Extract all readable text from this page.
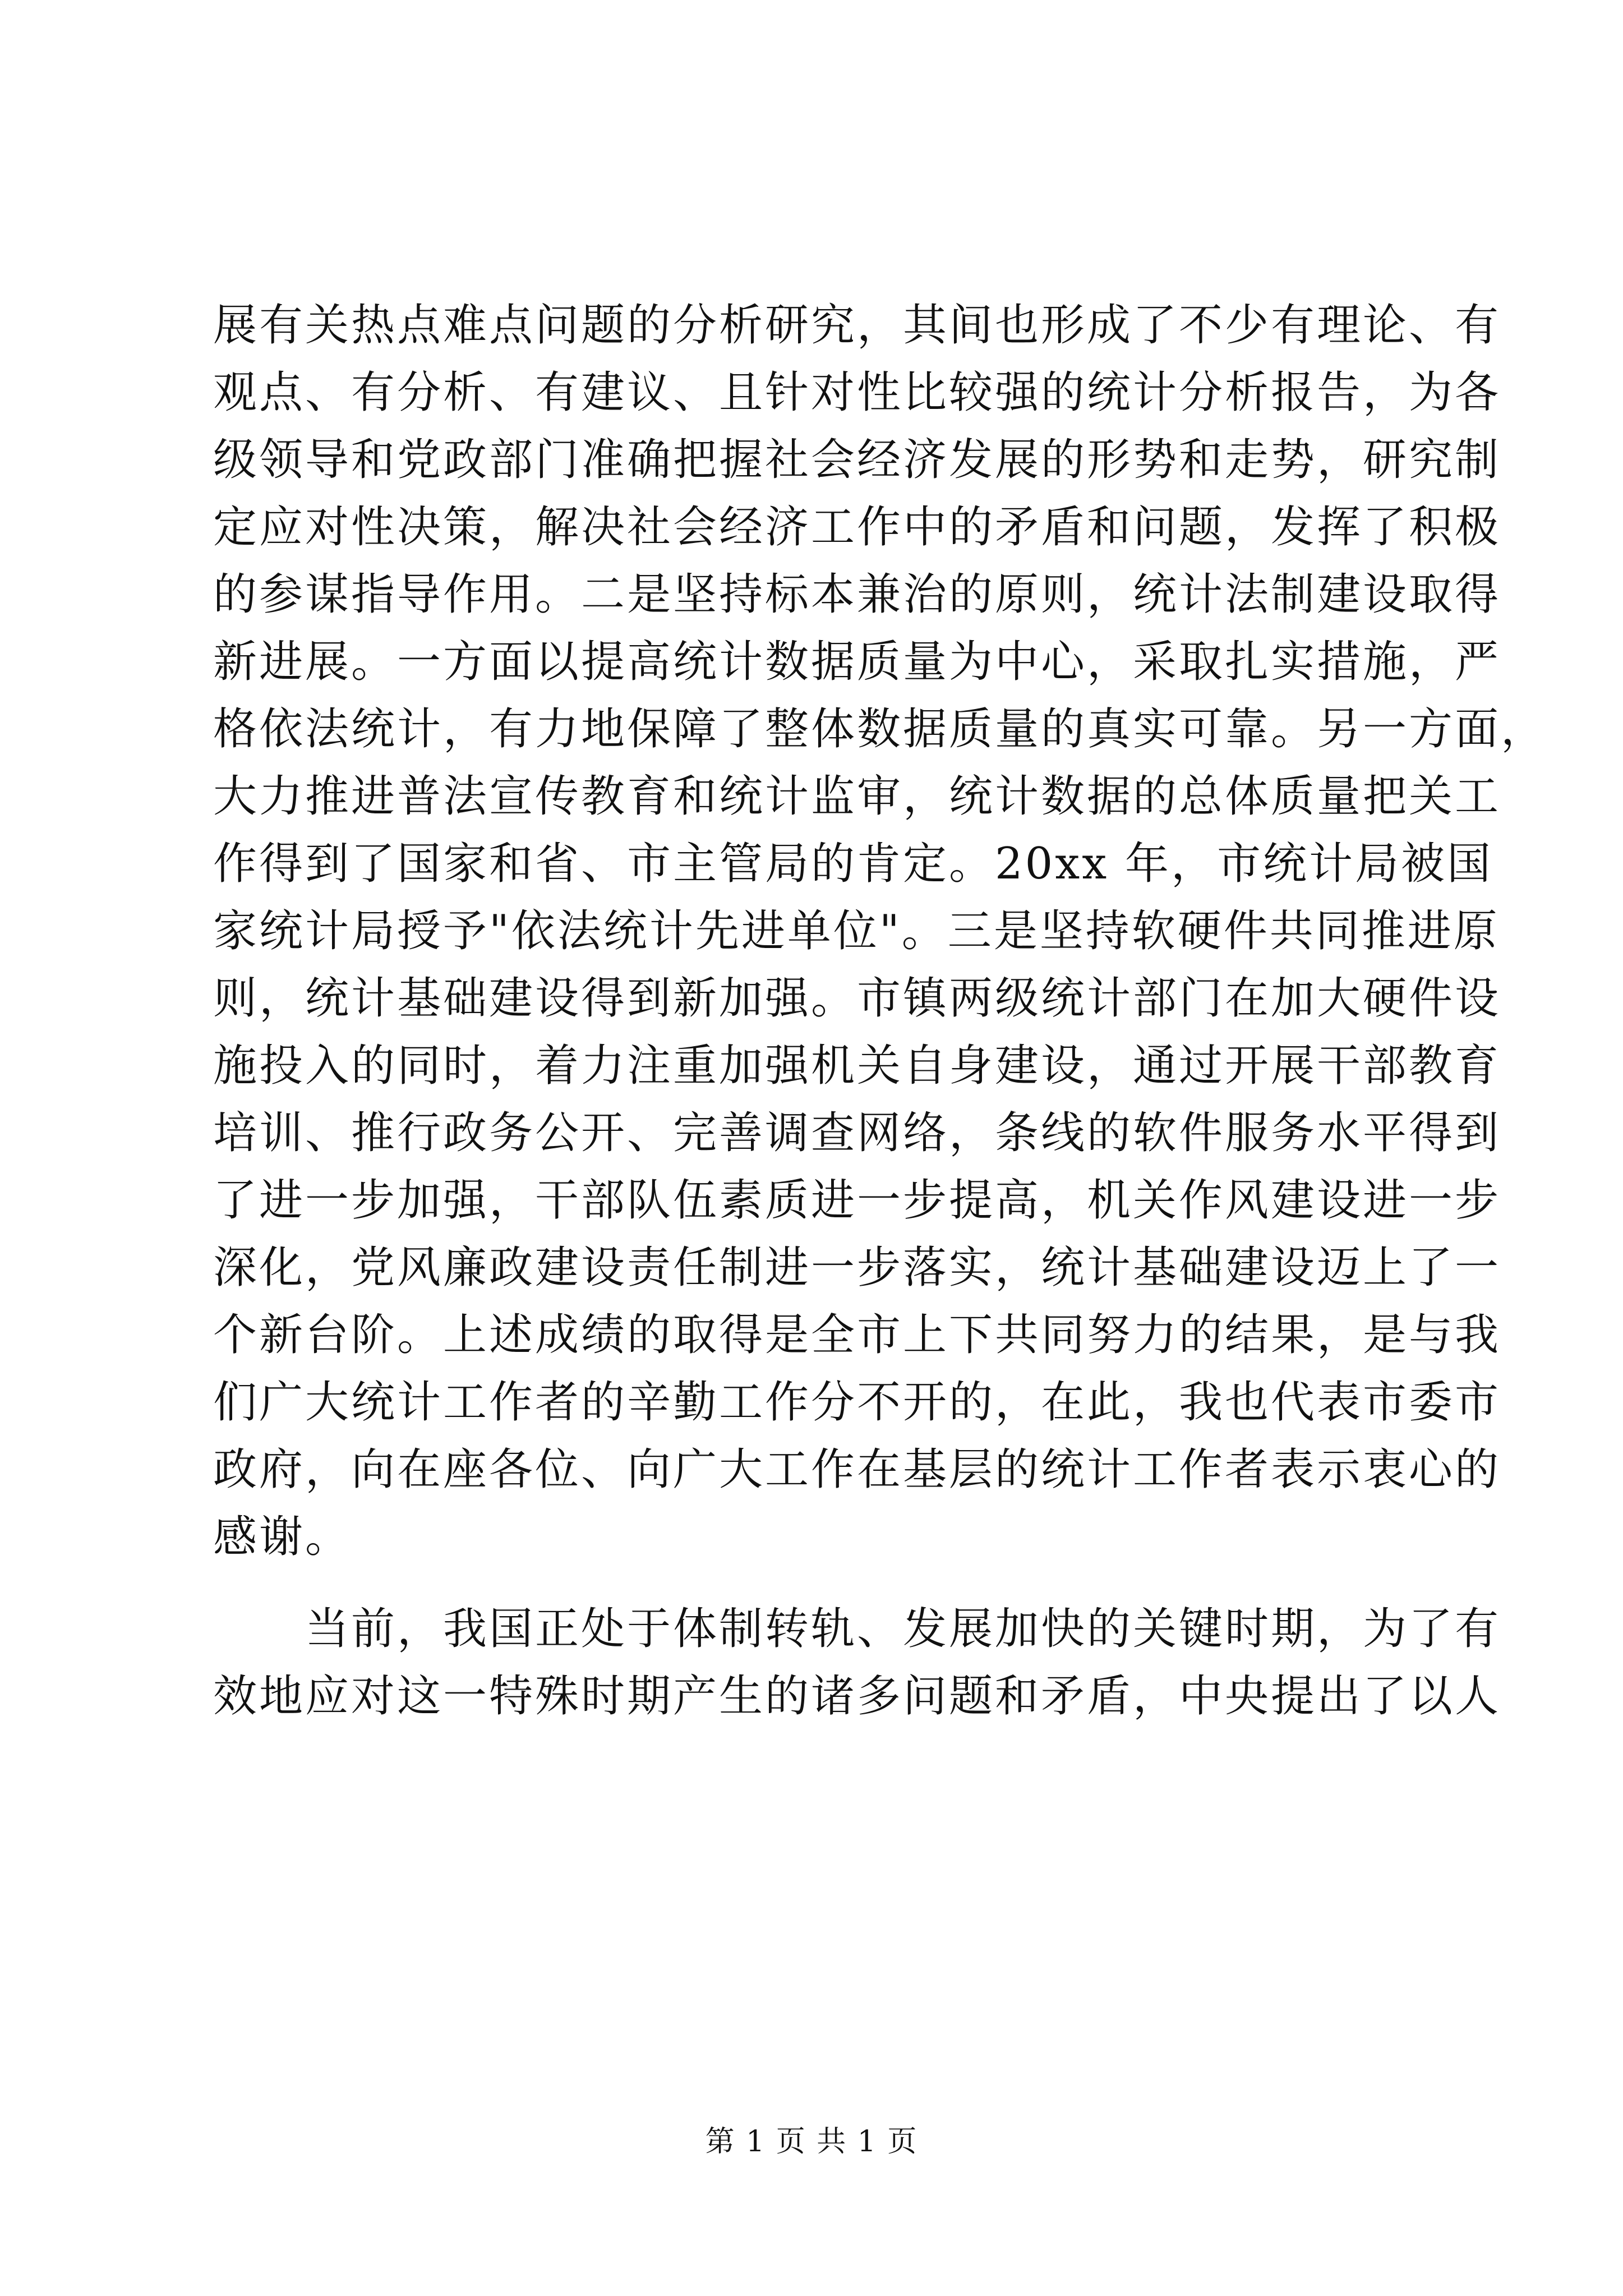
展有关热点难点问题的分析研究，其间也形成了不少有理论、有
观点、有分析、有建议、且针对性比较强的统计分析报告，为各
级领导和党政部门准确把握社会经济发展的形势和走势，研究制
定应对性决策，解决社会经济工作中的矛盾和问题，发挥了积极
的参谋指导作用。二是坚持标本兼治的原则，统计法制建设取得
新进展。一方面以提高统计数据质量为中心，采取扎实措施，严
格依法统计，有力地保障了整体数据质量的真实可靠。另一方面，
大力推进普法宣传教育和统计监审，统计数据的总体质量把关工
作得到了国家和省、市主管局的肯定。20xx 年，市统计局被国
家统计局授予"依法统计先进单位"。三是坚持软硬件共同推进原
则，统计基础建设得到新加强。市镇两级统计部门在加大硬件设
施投入的同时，着力注重加强机关自身建设，通过开展干部教育
培训、推行政务公开、完善调查网络，条线的软件服务水平得到
了进一步加强，干部队伍素质进一步提高，机关作风建设进一步
深化，党风廉政建设责任制进一步落实，统计基础建设迈上了一
个新台阶。上述成绩的取得是全市上下共同努力的结果，是与我
们广大统计工作者的辛勤工作分不开的，在此，我也代表市委市
政府，向在座各位、向广大工作在基层的统计工作者表示衷心的
感谢。
当前，我国正处于体制转轨、发展加快的关键时期，为了有
效地应对这一特殊时期产生的诸多问题和矛盾，中央提出了以人
第 1 页 共 1 页
